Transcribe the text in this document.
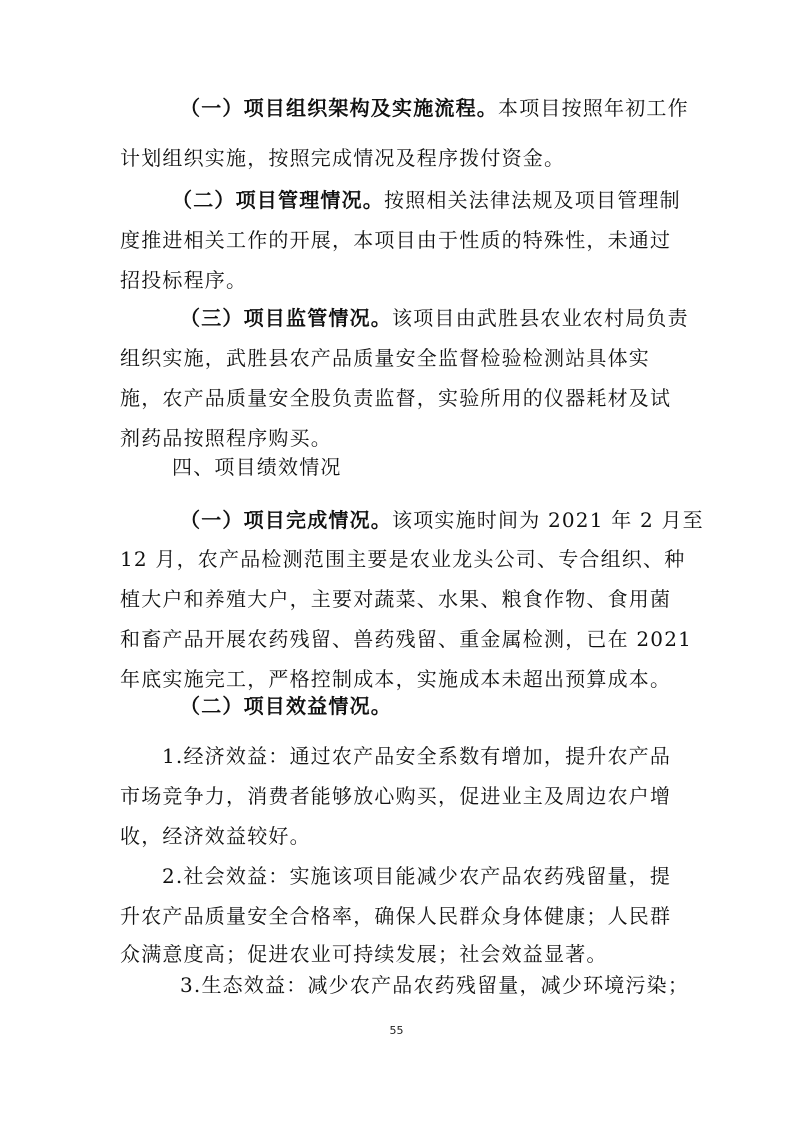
（一）项目组织架构及实施流程。本项目按照年初工作
计划组织实施，按照完成情况及程序拨付资金。
（二）项目管理情况。按照相关法律法规及项目管理制
度推进相关工作的开展，本项目由于性质的特殊性，未通过
招投标程序。
（三）项目监管情况。该项目由武胜县农业农村局负责
组织实施，武胜县农产品质量安全监督检验检测站具体实
施，农产品质量安全股负责监督，实验所用的仪器耗材及试
剂药品按照程序购买。
四、项目绩效情况
（一）项目完成情况。该项实施时间为 2021 年 2 月至
12 月，农产品检测范围主要是农业龙头公司、专合组织、种
植大户和养殖大户，主要对蔬菜、水果、粮食作物、食用菌
和畜产品开展农药残留、兽药残留、重金属检测，已在 2021
年底实施完工，严格控制成本，实施成本未超出预算成本。
（二）项目效益情况。
1.经济效益：通过农产品安全系数有增加，提升农产品
市场竞争力，消费者能够放心购买，促进业主及周边农户增
收，经济效益较好。
2.社会效益：实施该项目能减少农产品农药残留量，提
升农产品质量安全合格率，确保人民群众身体健康；人民群
众满意度高；促进农业可持续发展；社会效益显著。
3.生态效益：减少农产品农药残留量，减少环境污染；
55
